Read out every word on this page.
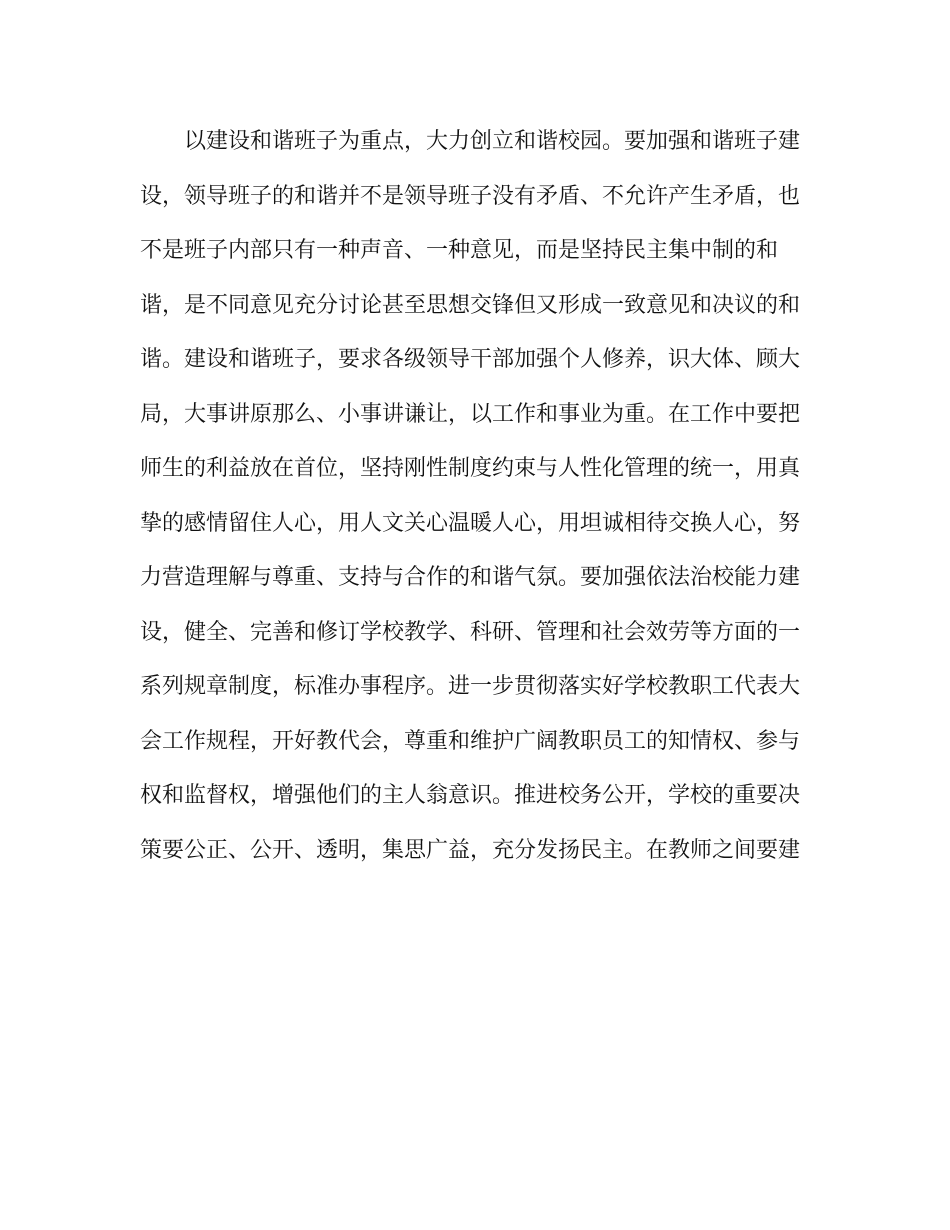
以建设和谐班子为重点，大力创立和谐校园。要加强和谐班子建
设，领导班子的和谐并不是领导班子没有矛盾、不允许产生矛盾，也
不是班子内部只有一种声音、一种意见，而是坚持民主集中制的和
谐，是不同意见充分讨论甚至思想交锋但又形成一致意见和决议的和
谐。建设和谐班子，要求各级领导干部加强个人修养，识大体、顾大
局，大事讲原那么、小事讲谦让，以工作和事业为重。在工作中要把
师生的利益放在首位，坚持刚性制度约束与人性化管理的统一，用真
挚的感情留住人心，用人文关心温暖人心，用坦诚相待交换人心，努
力营造理解与尊重、支持与合作的和谐气氛。要加强依法治校能力建
设，健全、完善和修订学校教学、科研、管理和社会效劳等方面的一
系列规章制度，标准办事程序。进一步贯彻落实好学校教职工代表大
会工作规程，开好教代会，尊重和维护广阔教职员工的知情权、参与
权和监督权，增强他们的主人翁意识。推进校务公开，学校的重要决
策要公正、公开、透明，集思广益，充分发扬民主。在教师之间要建
